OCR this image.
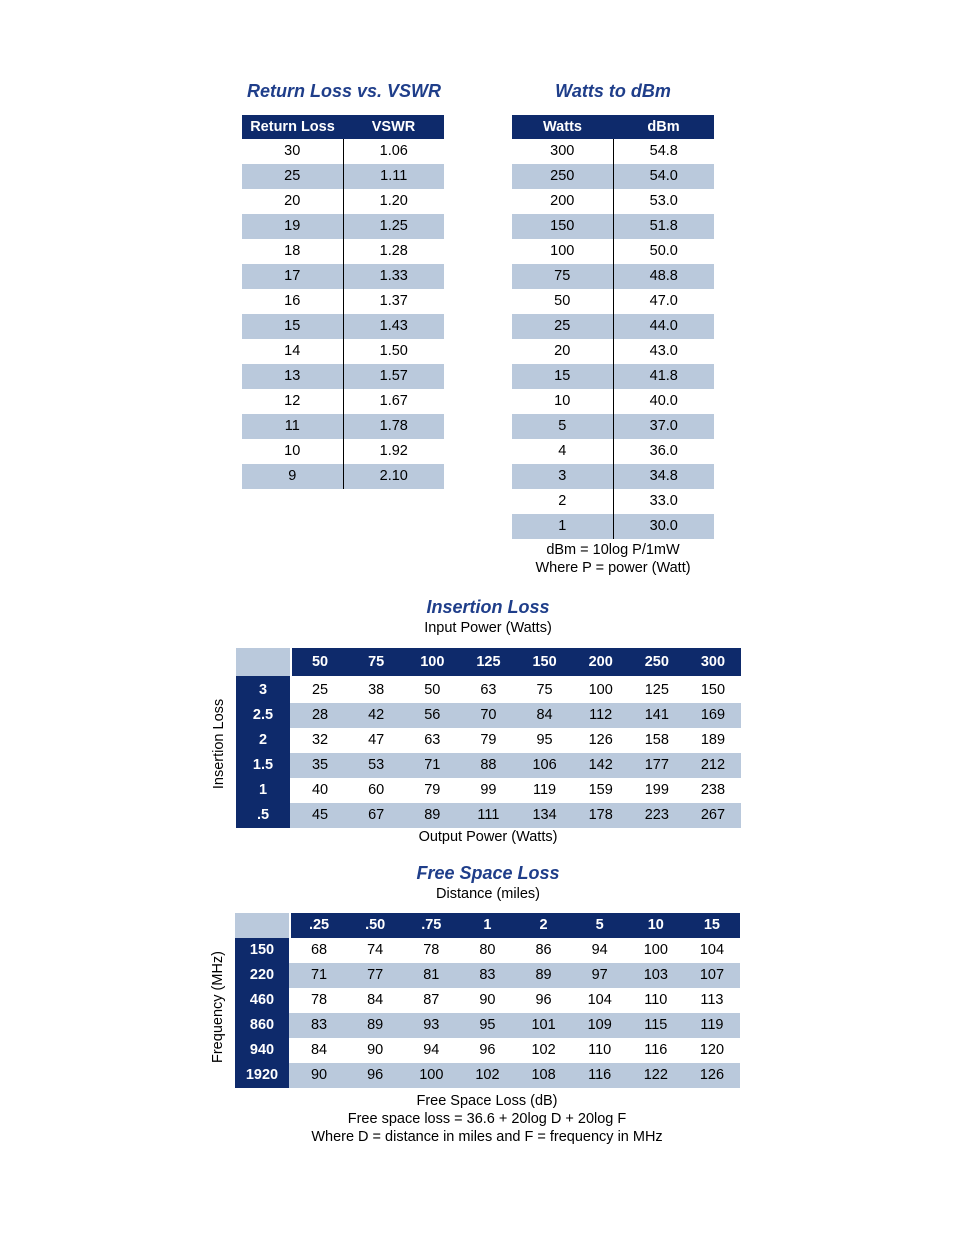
Return Loss vs. VSWR
Return Loss	VSWR
30	1.06
25	1.11
20	1.20
19	1.25
18	1.28
17	1.33
16	1.37
15	1.43
14	1.50
13	1.57
12	1.67
11	1.78
10	1.92
9	2.10
Watts to dBm
Watts	dBm
300	54.8
250	54.0
200	53.0
150	51.8
100	50.0
75	48.8
50	47.0
25	44.0
20	43.0
15	41.8
10	40.0
5	37.0
4	36.0
3	34.8
2	33.0
1	30.0
dBm = 10log P/1mW
Where P = power (Watt)
Insertion Loss
Input Power (Watts)
Insertion Loss
		50	75	100	125	150	200	250	300

3		25	38	50	63	75	100	125	150
2.5		28	42	56	70	84	112	141	169
2		32	47	63	79	95	126	158	189
1.5		35	53	71	88	106	142	177	212
1		40	60	79	99	119	159	199	238
.5		45	67	89	111	134	178	223	267
Output Power (Watts)
Free Space Loss
Distance (miles)
Frequency (MHz)
		.25	.50	.75	1	2	5	10	15
150		68	74	78	80	86	94	100	104
220		71	77	81	83	89	97	103	107
460		78	84	87	90	96	104	110	113
860		83	89	93	95	101	109	115	119
940		84	90	94	96	102	110	116	120
1920		90	96	100	102	108	116	122	126
Free Space Loss (dB)
Free space loss = 36.6 + 20log D + 20log F
Where D = distance in miles and F = frequency in MHz
